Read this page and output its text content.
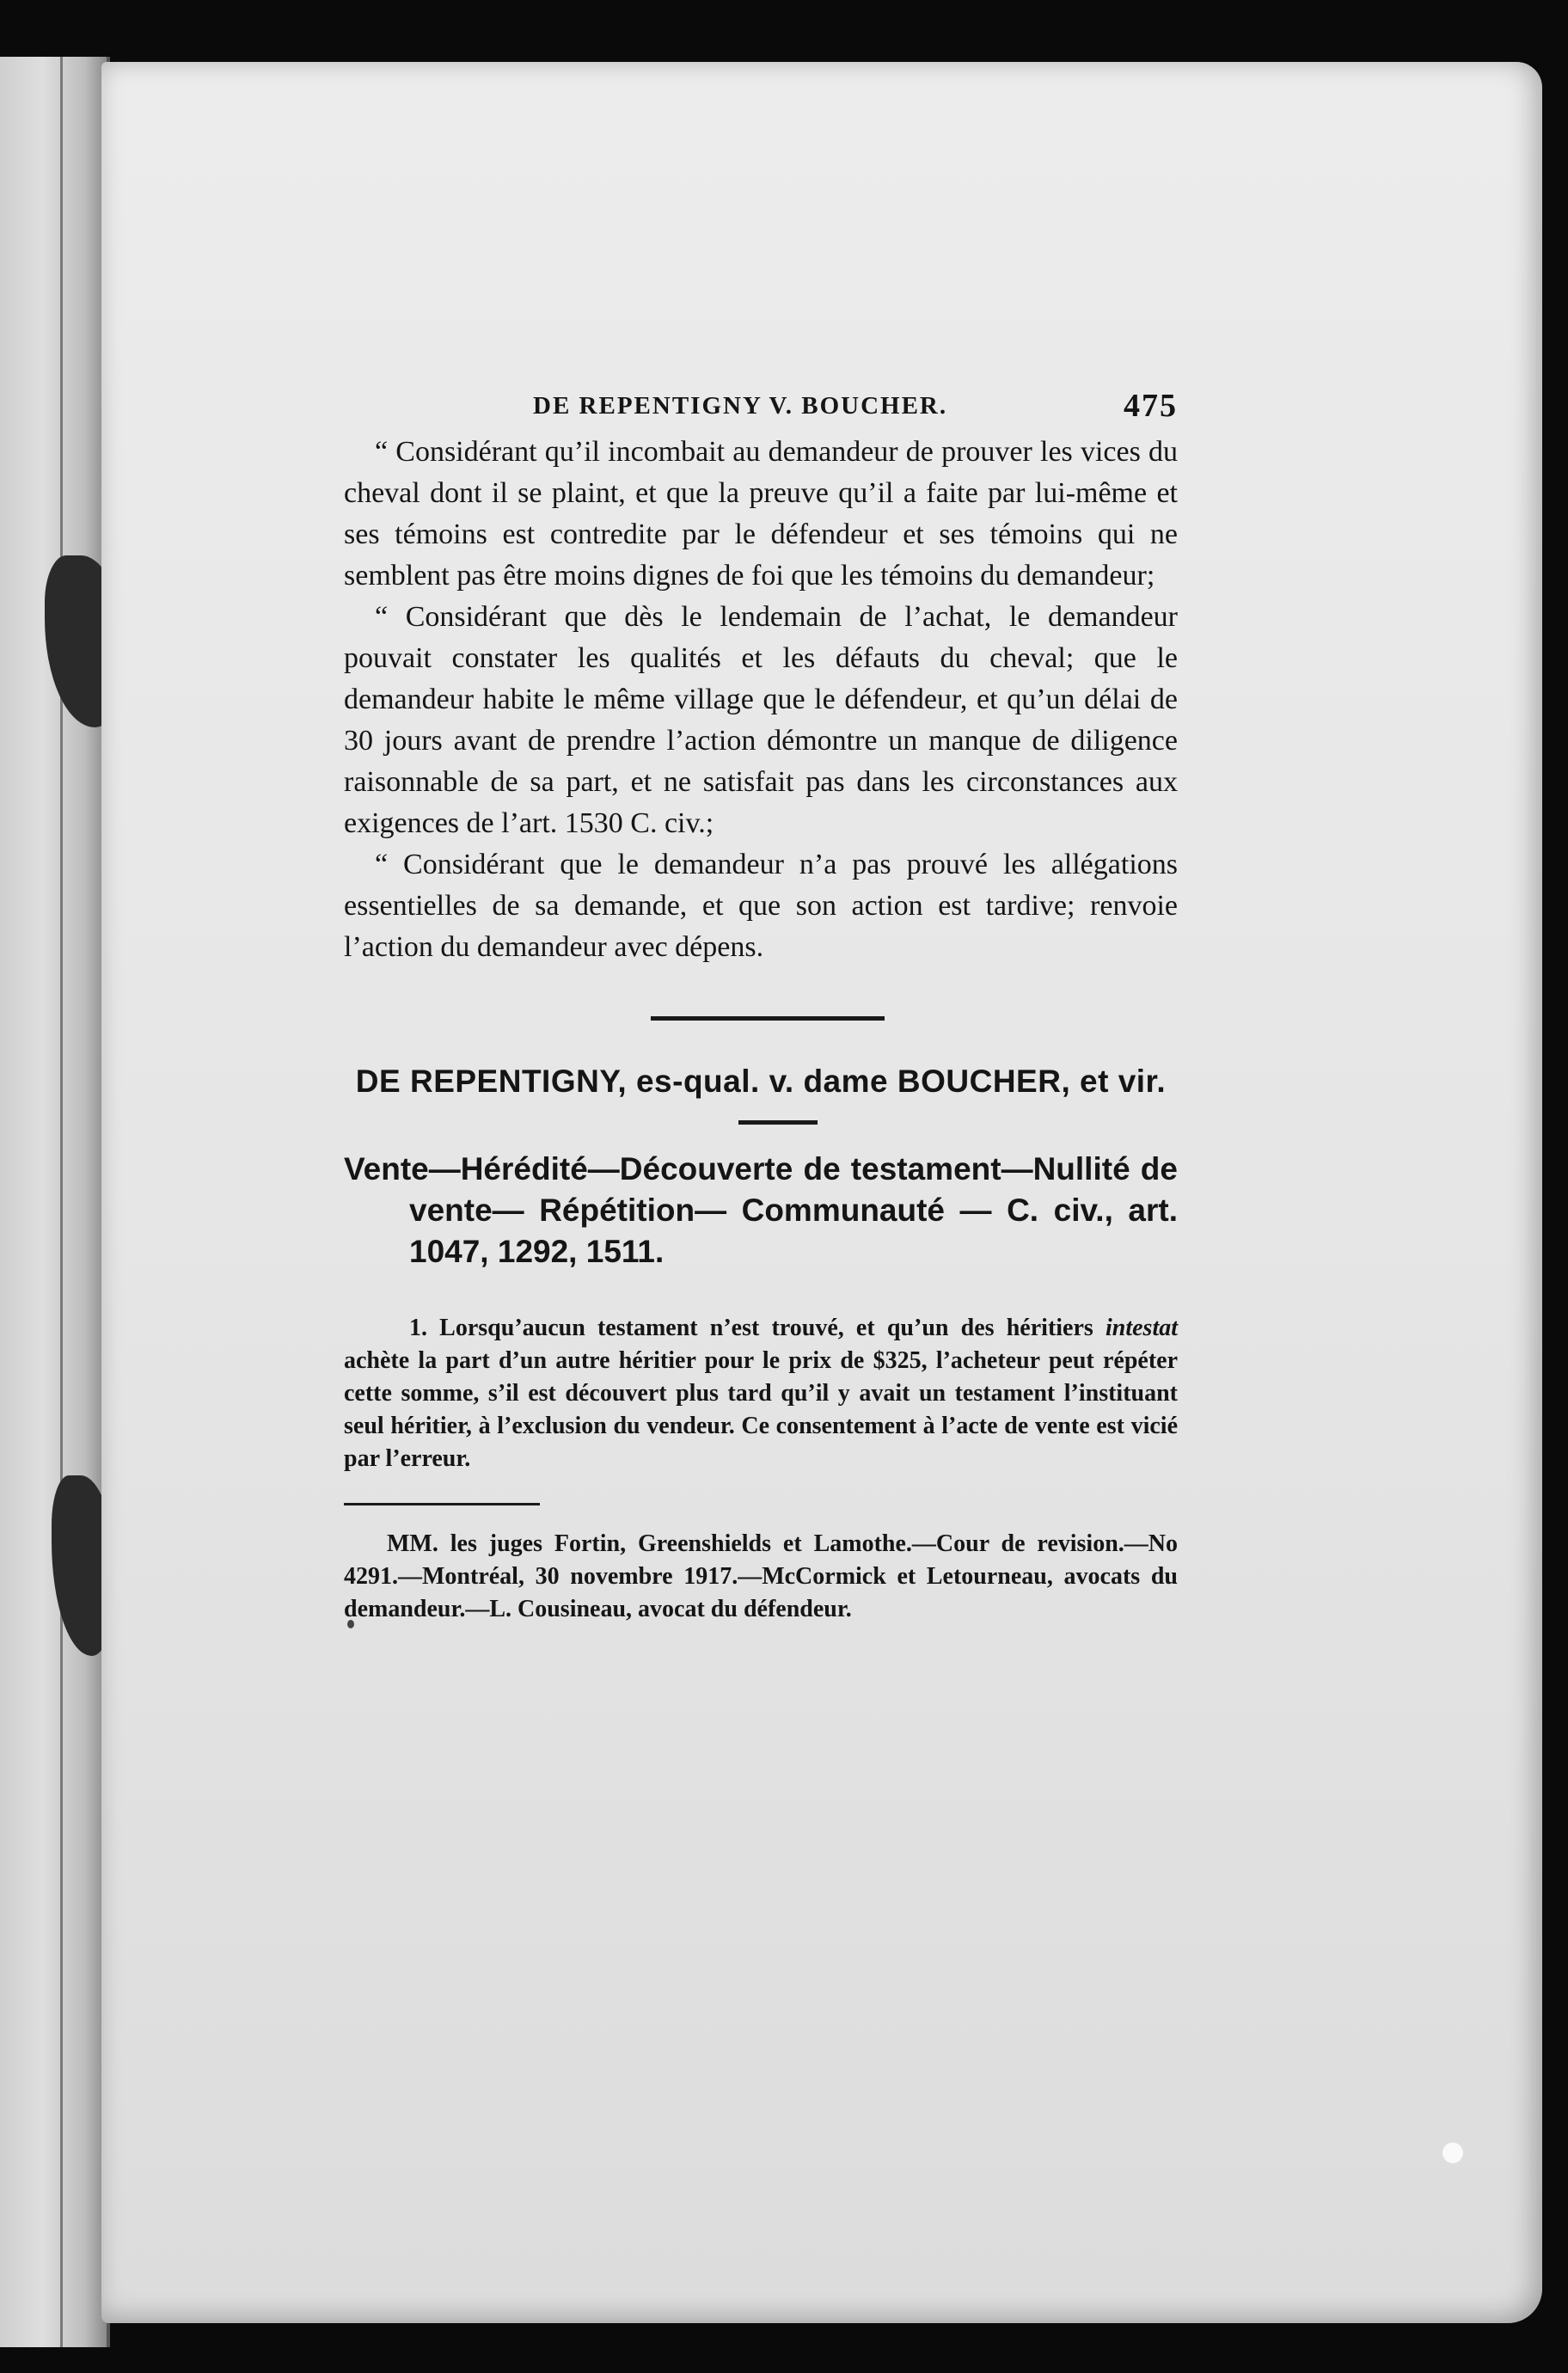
DE REPENTIGNY V. BOUCHER.	475

“ Considérant qu’il incombait au demandeur de prouver les vices du cheval dont il se plaint, et que la preuve qu’il a faite par lui-même et ses témoins est contredite par le défendeur et ses témoins qui ne semblent pas être moins dignes de foi que les témoins du demandeur;

“ Considérant que dès le lendemain de l’achat, le demandeur pouvait constater les qualités et les défauts du cheval; que le demandeur habite le même village que le défendeur, et qu’un délai de 30 jours avant de prendre l’action démontre un manque de diligence raisonnable de sa part, et ne satisfait pas dans les circonstances aux exigences de l’art. 1530 C. civ.;

“ Considérant que le demandeur n’a pas prouvé les allégations essentielles de sa demande, et que son action est tardive; renvoie l’action du demandeur avec dépens.

DE REPENTIGNY, es-qual. v. dame BOUCHER, et vir.
Vente—Hérédité—Découverte de testament—Nullité de vente— Répétition— Communauté — C. civ., art. 1047, 1292, 1511.

1. Lorsqu’aucun testament n’est trouvé, et qu’un des héritiers intestat achète la part d’un autre héritier pour le prix de $325, l’acheteur peut répéter cette somme, s’il est découvert plus tard qu’il y avait un testament l’instituant seul héritier, à l’exclusion du vendeur. Ce consentement à l’acte de vente est vicié par l’erreur.

MM. les juges Fortin, Greenshields et Lamothe.—Cour de revision.—No 4291.—Montréal, 30 novembre 1917.—McCormick et Letourneau, avocats du demandeur.—L. Cousineau, avocat du défendeur.
